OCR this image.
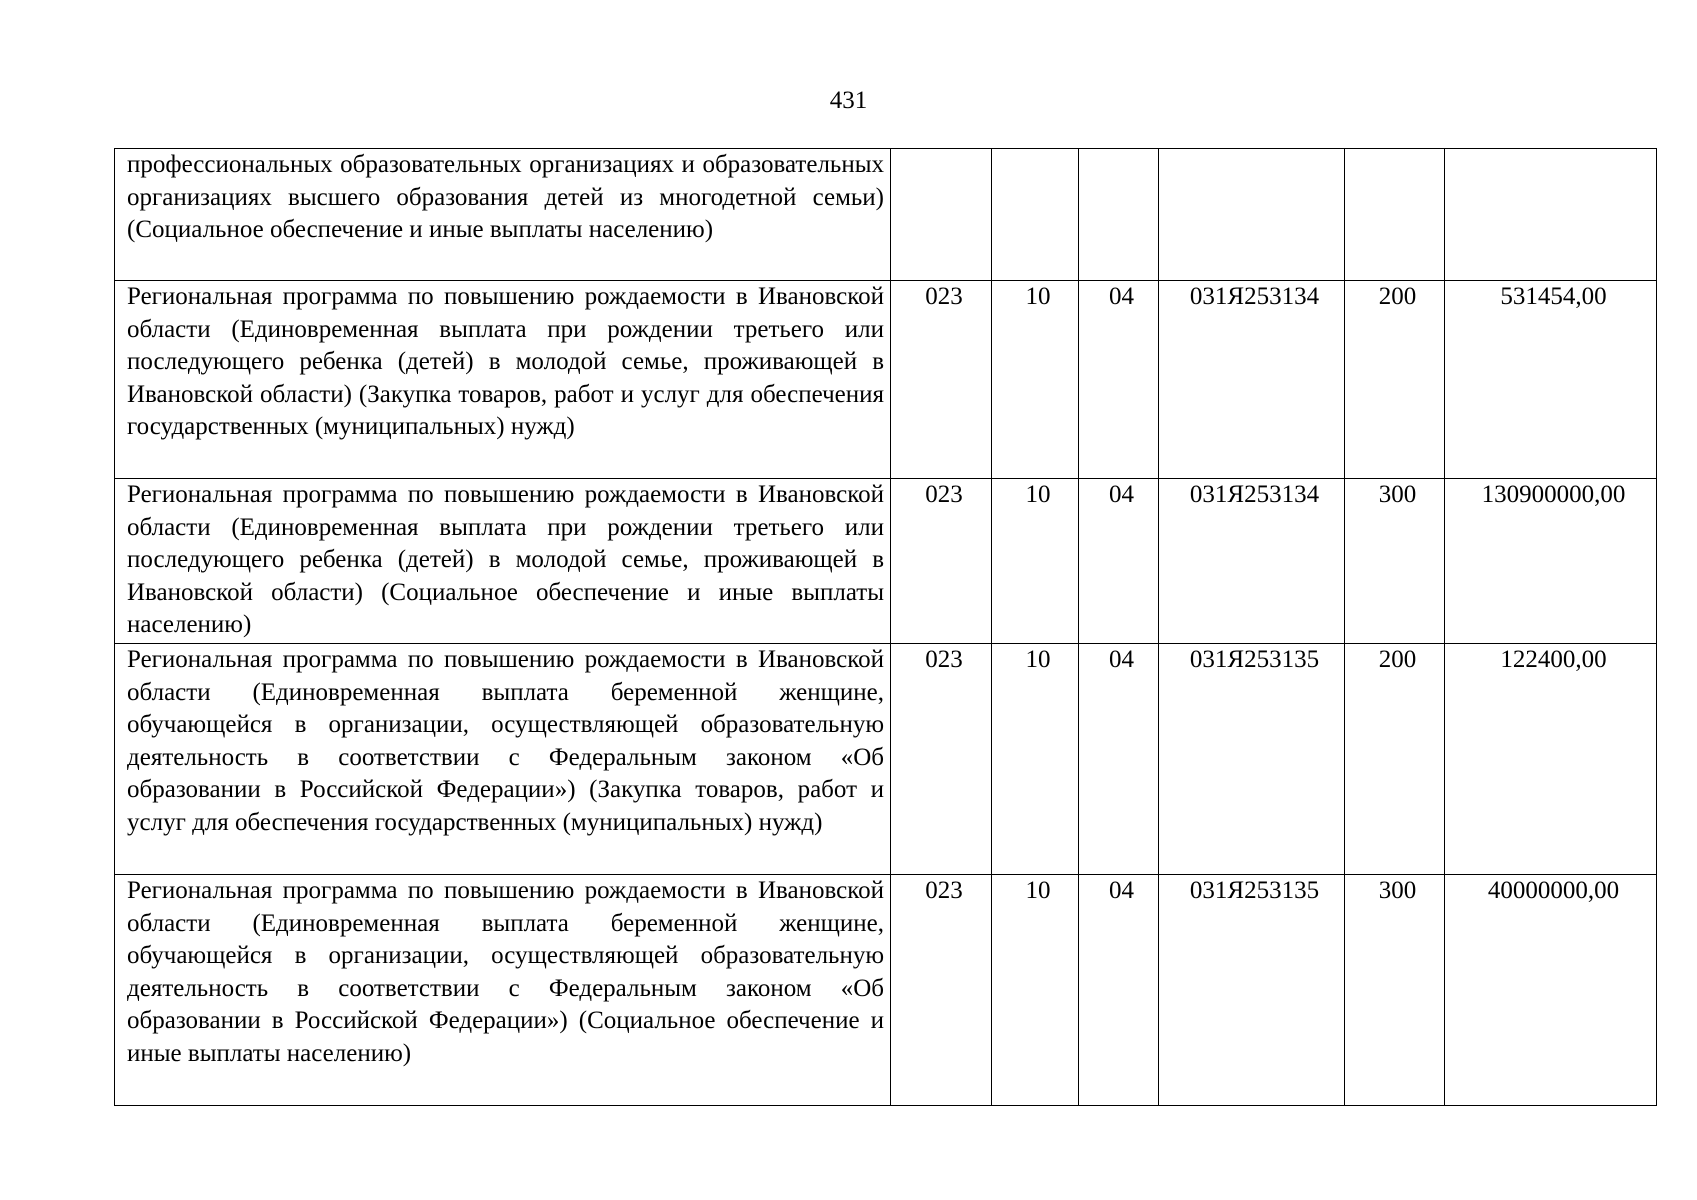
431
профессиональных образовательных организациях и образовательных организациях высшего образования детей из многодетной семьи) (Социальное обеспечение и иные выплаты населению)						
Региональная программа по повышению рождаемости в Ивановской области (Единовременная выплата при рождении третьего или последующего ребенка (детей) в молодой семье, проживающей в Ивановской области) (Закупка товаров, работ и услуг для обеспечения государственных (муниципальных) нужд)	023	10	04	031Я253134	200	531454,00
Региональная программа по повышению рождаемости в Ивановской области (Единовременная выплата при рождении третьего или последующего ребенка (детей) в молодой семье, проживающей в Ивановской области) (Социальное обеспечение и иные выплаты населению)	023	10	04	031Я253134	300	130900000,00
Региональная программа по повышению рождаемости в Ивановской области (Единовременная выплата беременной женщине, обучающейся в организации, осуществляющей образовательную деятельность в соответствии с Федеральным законом «Об образовании в Российской Федерации») (Закупка товаров, работ и услуг для обеспечения государственных (муниципальных) нужд)	023	10	04	031Я253135	200	122400,00
Региональная программа по повышению рождаемости в Ивановской области (Единовременная выплата беременной женщине, обучающейся в организации, осуществляющей образовательную деятельность в соответствии с Федеральным законом «Об образовании в Российской Федерации») (Социальное обеспечение и иные выплаты населению)	023	10	04	031Я253135	300	40000000,00
